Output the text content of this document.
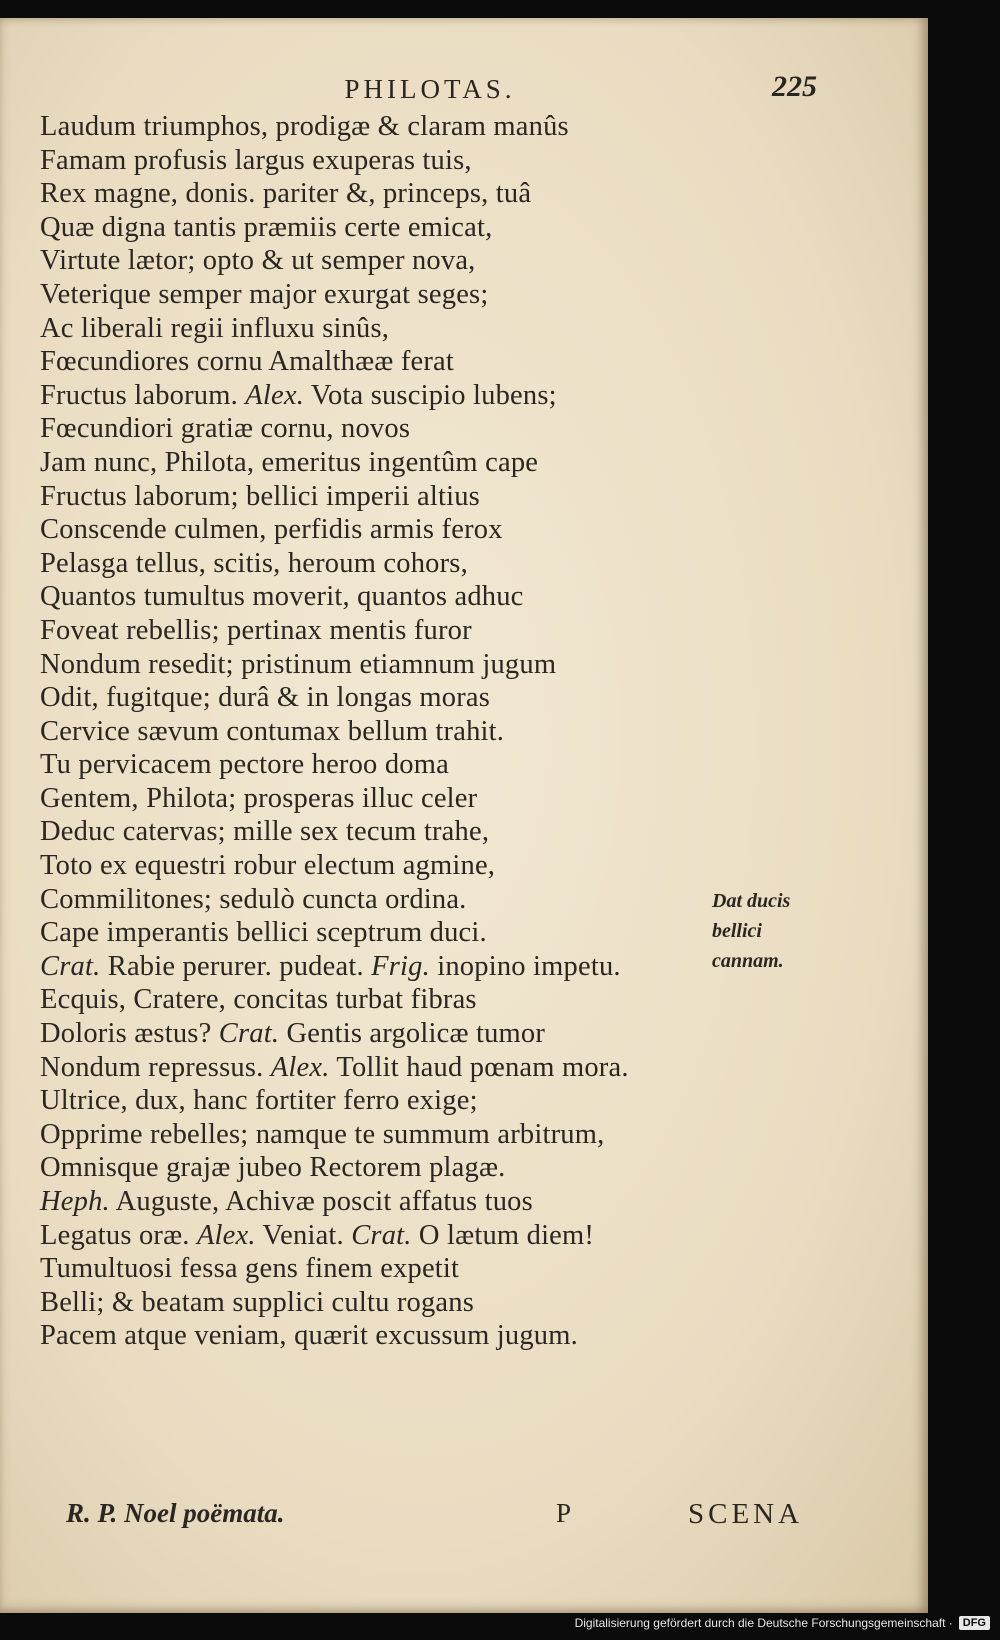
PHILOTAS.	225
Laudum triumphos, prodigæ & claram manûs
Famam profusis largus exuperas tuis,
Rex magne, donis. pariter &, princeps, tuâ
Quæ digna tantis præmiis certe emicat,
Virtute lætor; opto & ut semper nova,
Veterique semper major exurgat seges;
Ac liberali regii influxu sinûs,
Fœcundiores cornu Amalthææ ferat
Fructus laborum. Alex. Vota suscipio lubens;
Fœcundiori gratiæ cornu, novos
Jam nunc, Philota, emeritus ingentûm cape
Fructus laborum; bellici imperii altius
Conscende culmen, perfidis armis ferox
Pelasga tellus, scitis, heroum cohors,
Quantos tumultus moverit, quantos adhuc
Foveat rebellis; pertinax mentis furor
Nondum resedit; pristinum etiamnum jugum
Odit, fugitque; durâ & in longas moras
Cervice sævum contumax bellum trahit.
Tu pervicacem pectore heroo doma
Gentem, Philota; prosperas illuc celer
Deduc catervas; mille sex tecum trahe,
Toto ex equestri robur electum agmine,
Commilitones; sedulò cuncta ordina.
Cape imperantis bellici sceptrum duci.
Crat. Rabie perurer. pudeat. Frig. inopino impetu.
Ecquis, Cratere, concitas turbat fibras
Doloris æstus? Crat. Gentis argolicæ tumor
Nondum repressus. Alex. Tollit haud pœnam mora.
Ultrice, dux, hanc fortiter ferro exige;
Opprime rebelles; namque te summum arbitrum,
Omnisque grajæ jubeo Rectorem plagæ.
Heph. Auguste, Achivæ poscit affatus tuos
Legatus oræ. Alex. Veniat. Crat. O lætum diem!
Tumultuosi fessa gens finem expetit
Belli; & beatam supplici cultu rogans
Pacem atque veniam, quærit excussum jugum.
Dat ducis
bellici
cannam.
R. P. Noel poëmata.	P	SCENA
Digitalisierung gefördert durch die Deutsche Forschungsgemeinschaft · DFG
